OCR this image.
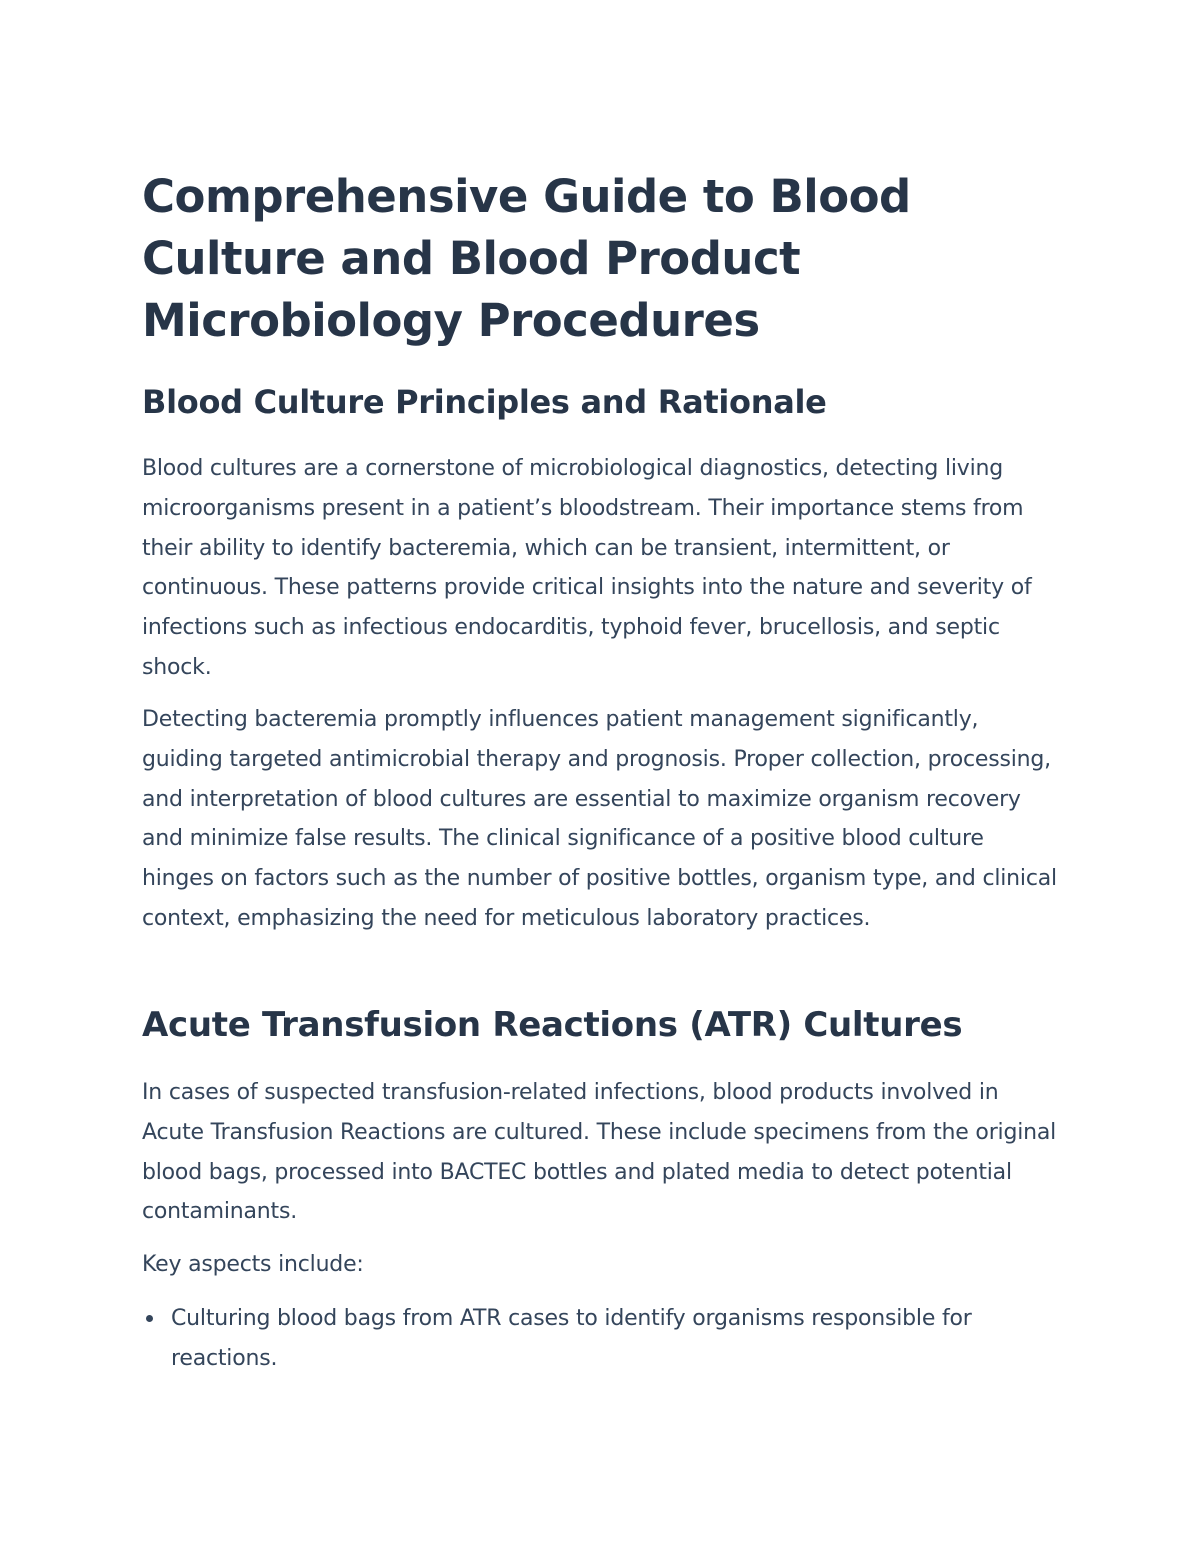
Comprehensive Guide to Blood Culture and Blood Product Microbiology Procedures
Blood Culture Principles and Rationale

Blood cultures are a cornerstone of microbiological diagnostics, detecting living microorganisms present in a patient’s bloodstream. Their importance stems from their ability to identify bacteremia, which can be transient, intermittent, or continuous. These patterns provide critical insights into the nature and severity of infections such as infectious endocarditis, typhoid fever, brucellosis, and septic shock.

Detecting bacteremia promptly influences patient management significantly, guiding targeted antimicrobial therapy and prognosis. Proper collection, processing, and interpretation of blood cultures are essential to maximize organism recovery and minimize false results. The clinical significance of a positive blood culture hinges on factors such as the number of positive bottles, organism type, and clinical context, emphasizing the need for meticulous laboratory practices.

Acute Transfusion Reactions (ATR) Cultures

In cases of suspected transfusion-related infections, blood products involved in Acute Transfusion Reactions are cultured. These include specimens from the original blood bags, processed into BACTEC bottles and plated media to detect potential contaminants.

Key aspects include:

Culturing blood bags from ATR cases to identify organisms responsible for reactions.
